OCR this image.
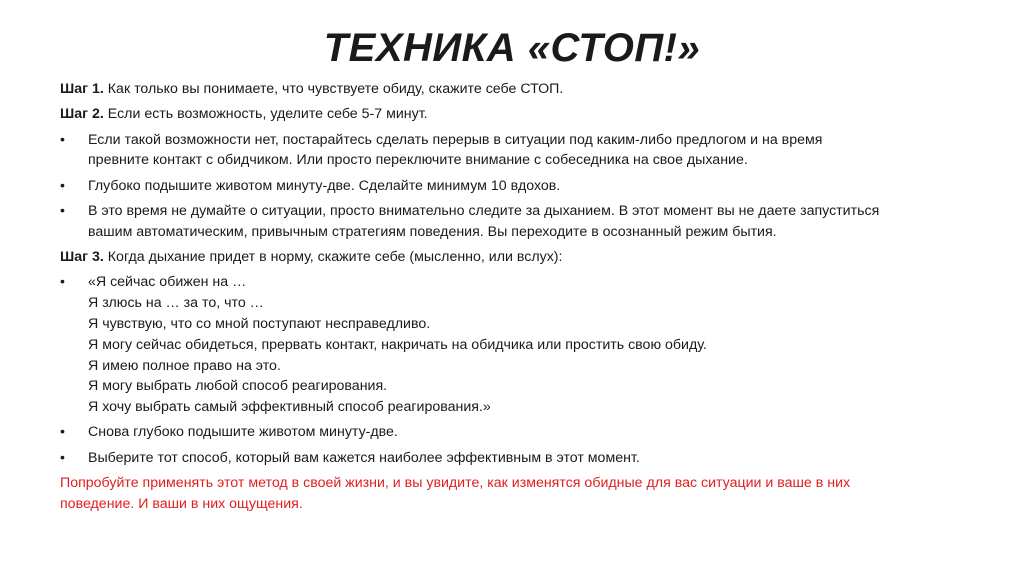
ТЕХНИКА «СТОП!»

Шаг 1. Как только вы понимаете, что чувствуете обиду, скажите себе СТОП.

Шаг 2. Если есть возможность, уделите себе 5-7 минут.

•	Если такой возможности нет, постарайтесь сделать перерыв в ситуации под каким-либо предлогом и на время
превните контакт с обидчиком. Или просто переключите внимание с собеседника на свое дыхание.
•	Глубоко подышите животом минуту-две. Сделайте минимум 10 вдохов.
•	В это время не думайте о ситуации, просто внимательно следите за дыханием. В этот момент вы не даете запуститься
вашим автоматическим, привычным стратегиям поведения. Вы переходите в осознанный режим бытия.

Шаг 3. Когда дыхание придет в норму, скажите себе (мысленно, или вслух):

•	«Я сейчас обижен на …
Я злюсь на … за то, что …
Я чувствую, что со мной поступают несправедливо.
Я могу сейчас обидеться, прервать контакт, накричать на обидчика или простить свою обиду.
Я имею полное право на это.
Я могу выбрать любой способ реагирования.
Я хочу выбрать самый эффективный способ реагирования.»
•	Снова глубоко подышите животом минуту-две.
•	Выберите тот способ, который вам кажется наиболее эффективным в этот момент.

Попробуйте применять этот метод в своей жизни, и вы увидите, как изменятся обидные для вас ситуации и ваше в них
поведение. И ваши в них ощущения.
